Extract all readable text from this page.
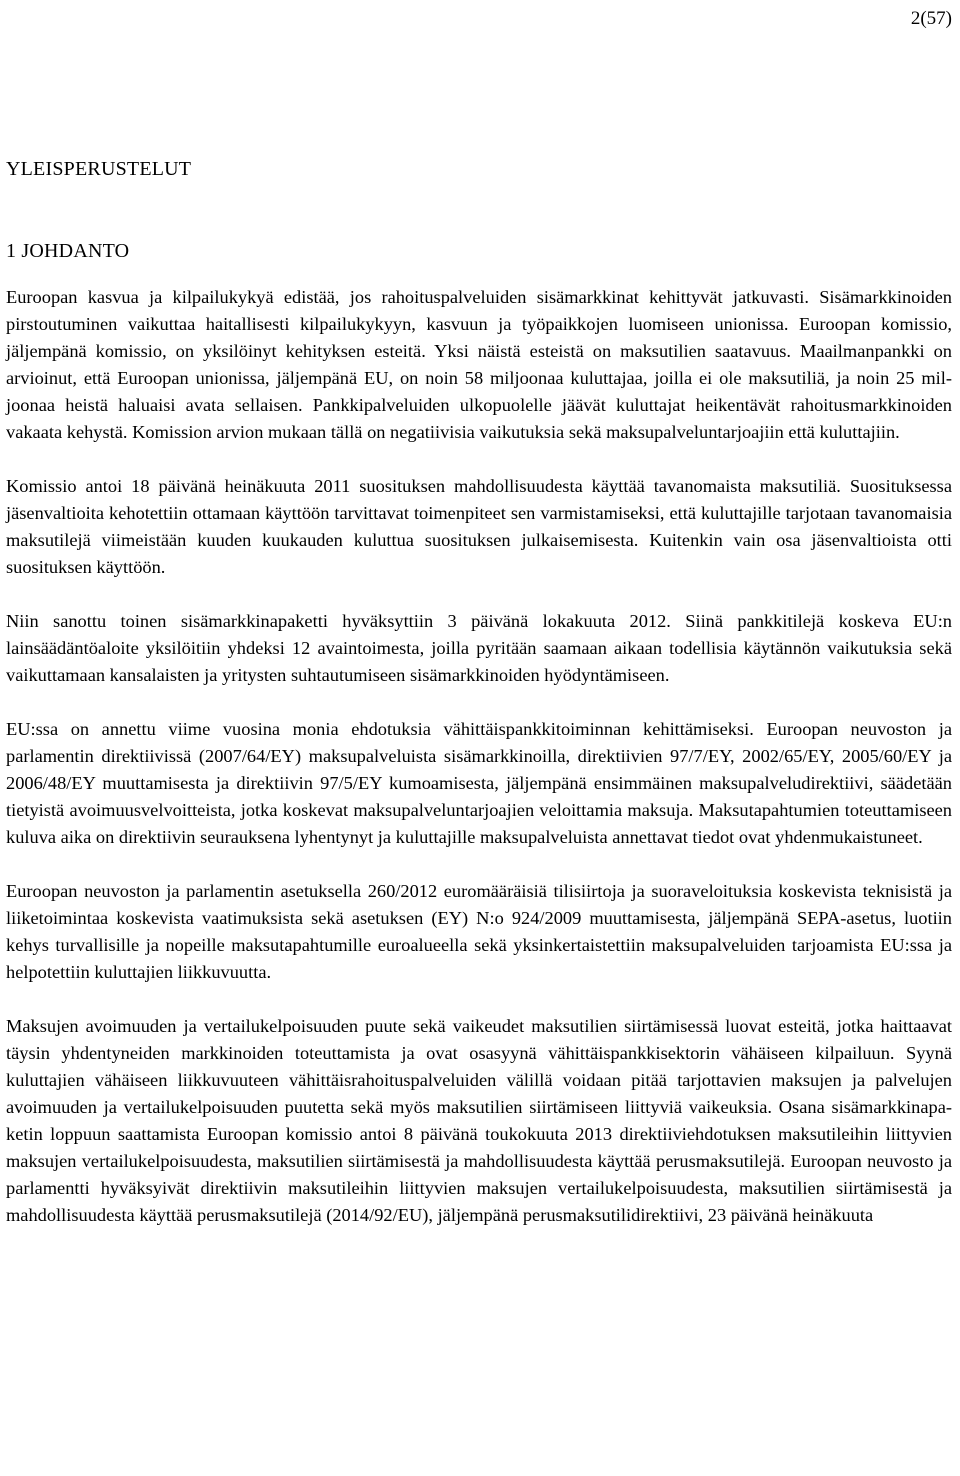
2(57)
YLEISPERUSTELUT
1 JOHDANTO

Euroopan kasvua ja kilpailukykyä edistää, jos rahoituspalveluiden sisämarkkinat kehittyvät jatkuvasti. Sisämarkkinoiden pirstoutuminen vaikuttaa haitallisesti kilpailukykyyn, kasvuun ja työpaikkojen luomiseen unionissa. Euroopan komissio, jäljempänä komissio, on yksilöinyt kehityksen esteitä. Yksi näistä esteistä on maksutilien saatavuus. Maailmanpankki on arvioinut, että Euroopan unionissa, jäljempänä EU, on noin 58 miljoonaa kuluttajaa, joilla ei ole maksutiliä, ja noin 25 miljoonaa heistä haluaisi avata sellaisen. Pankkipalveluiden ulkopuolelle jäävät kuluttajat heikentävät rahoitusmarkkinoiden vakaata kehystä. Komission arvion mukaan tällä on negatiivisia vaikutuksia sekä maksupalveluntarjoajiin että kuluttajiin.

Komissio antoi 18 päivänä heinäkuuta 2011 suosituksen mahdollisuudesta käyttää tavanomaista maksutiliä. Suosituksessa jäsenvaltioita kehotettiin ottamaan käyttöön tarvittavat toimenpiteet sen varmistamiseksi, että kuluttajille tarjotaan tavanomaisia maksutilejä viimeistään kuuden kuukauden kuluttua suosituksen julkaisemisesta. Kuitenkin vain osa jäsenvaltioista otti suosituksen käyttöön.

Niin sanottu toinen sisämarkkinapaketti hyväksyttiin 3 päivänä lokakuuta 2012. Siinä pankkitilejä koskeva EU:n lainsäädäntöaloite yksilöitiin yhdeksi 12 avaintoimesta, joilla pyritään saamaan aikaan todellisia käytännön vaikutuksia sekä vaikuttamaan kansalaisten ja yritysten suhtautumiseen sisämarkkinoiden hyödyntämiseen.

EU:ssa on annettu viime vuosina monia ehdotuksia vähittäispankkitoiminnan kehittämiseksi. Euroopan neuvoston ja parlamentin direktiivissä (2007/64/EY) maksupalveluista sisämarkkinoilla, direktiivien 97/7/EY, 2002/65/EY, 2005/60/EY ja 2006/48/EY muuttamisesta ja direktiivin 97/5/EY kumoamisesta, jäljempänä ensimmäinen maksupalveludirektiivi, säädetään tietyistä avoimuusvelvoitteista, jotka koskevat maksupalveluntarjoajien veloittamia maksuja. Maksutapahtumien toteuttamiseen kuluva aika on direktiivin seurauksena lyhentynyt ja kuluttajille maksupalveluista annettavat tiedot ovat yhdenmukaistuneet.

Euroopan neuvoston ja parlamentin asetuksella 260/2012 euromääräisiä tilisiirtoja ja suoraveloituksia koskevista teknisistä ja liiketoimintaa koskevista vaatimuksista sekä asetuksen (EY) N:o 924/2009 muuttamisesta, jäljempänä SEPA-asetus, luotiin kehys turvallisille ja nopeille maksutapahtumille euroalueella sekä yksinkertaistettiin maksupalveluiden tarjoamista EU:ssa ja helpotettiin kuluttajien liikkuvuutta.

Maksujen avoimuuden ja vertailukelpoisuuden puute sekä vaikeudet maksutilien siirtämisessä luovat esteitä, jotka haittaavat täysin yhdentyneiden markkinoiden toteuttamista ja ovat osasyynä vähittäispankkisektorin vähäiseen kilpailuun. Syynä kuluttajien vähäiseen liikkuvuuteen vähittäisrahoituspalveluiden välillä voidaan pitää tarjottavien maksujen ja palvelujen avoimuuden ja vertailukelpoisuuden puutetta sekä myös maksutilien siirtämiseen liittyviä vaikeuksia. Osana sisämarkkinapaketin loppuun saattamista Euroopan komissio antoi 8 päivänä toukokuuta 2013 direktiiviehdotuksen maksutileihin liittyvien maksujen vertailukelpoisuudesta, maksutilien siirtämisestä ja mahdollisuudesta käyttää perusmaksutilejä. Euroopan neuvosto ja parlamentti hyväksyivät direktiivin maksutileihin liittyvien maksujen vertailukelpoisuudesta, maksutilien siirtämisestä ja mahdollisuudesta käyttää perusmaksutilejä (2014/92/EU), jäljempänä perusmaksutilidirektiivi, 23 päivänä heinäkuuta
